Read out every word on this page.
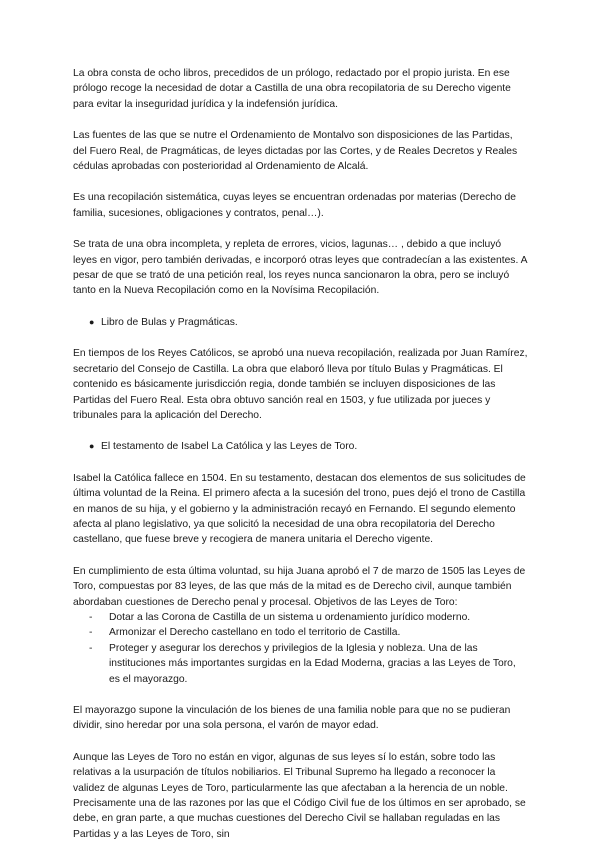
La obra consta de ocho libros, precedidos de un prólogo, redactado por el propio jurista. En ese prólogo recoge la necesidad de dotar a Castilla de una obra recopilatoria de su Derecho vigente para evitar la inseguridad jurídica y la indefensión jurídica.

Las fuentes de las que se nutre el Ordenamiento de Montalvo son disposiciones de las Partidas, del Fuero Real, de Pragmáticas, de leyes dictadas por las Cortes, y de Reales Decretos y Reales cédulas aprobadas con posterioridad al Ordenamiento de Alcalá.

Es una recopilación sistemática, cuyas leyes se encuentran ordenadas por materias (Derecho de familia, sucesiones, obligaciones y contratos, penal…).

Se trata de una obra incompleta, y repleta de errores, vicios, lagunas… , debido a que incluyó leyes en vigor, pero también derivadas, e incorporó otras leyes que contradecían a las existentes. A pesar de que se trató de una petición real, los reyes nunca sancionaron la obra, pero se incluyó tanto en la Nueva Recopilación como en la Novísima Recopilación.

● Libro de Bulas y Pragmáticas.

En tiempos de los Reyes Católicos, se aprobó una nueva recopilación, realizada por Juan Ramírez, secretario del Consejo de Castilla. La obra que elaboró lleva por título Bulas y Pragmáticas. El contenido es básicamente jurisdicción regia, donde también se incluyen disposiciones de las Partidas del Fuero Real. Esta obra obtuvo sanción real en 1503, y fue utilizada por jueces y tribunales para la aplicación del Derecho.

● El testamento de Isabel La Católica y las Leyes de Toro.

Isabel la Católica fallece en 1504. En su testamento, destacan dos elementos de sus solicitudes de última voluntad de la Reina. El primero afecta a la sucesión del trono, pues dejó el trono de Castilla en manos de su hija, y el gobierno y la administración recayó en Fernando. El segundo elemento afecta al plano legislativo, ya que solicitó la necesidad de una obra recopilatoria del Derecho castellano, que fuese breve y recogiera de manera unitaria el Derecho vigente.

En cumplimiento de esta última voluntad, su hija Juana aprobó el 7 de marzo de 1505 las Leyes de Toro, compuestas por 83 leyes, de las que más de la mitad es de Derecho civil, aunque también abordaban cuestiones de Derecho penal y procesal. Objetivos de las Leyes de Toro:

-	Dotar a las Corona de Castilla de un sistema u ordenamiento jurídico moderno.
-	Armonizar el Derecho castellano en todo el territorio de Castilla.
-	Proteger y asegurar los derechos y privilegios de la Iglesia y nobleza. Una de las instituciones más importantes surgidas en la Edad Moderna, gracias a las Leyes de Toro, es el mayorazgo.

El mayorazgo supone la vinculación de los bienes de una familia noble para que no se pudieran dividir, sino heredar por una sola persona, el varón de mayor edad.

Aunque las Leyes de Toro no están en vigor, algunas de sus leyes sí lo están, sobre todo las relativas a la usurpación de títulos nobiliarios. El Tribunal Supremo ha llegado a reconocer la validez de algunas Leyes de Toro, particularmente las que afectaban a la herencia de un noble. Precisamente una de las razones por las que el Código Civil fue de los últimos en ser aprobado, se debe, en gran parte, a que muchas cuestiones del Derecho Civil se hallaban reguladas en las Partidas y a las Leyes de Toro, sin
